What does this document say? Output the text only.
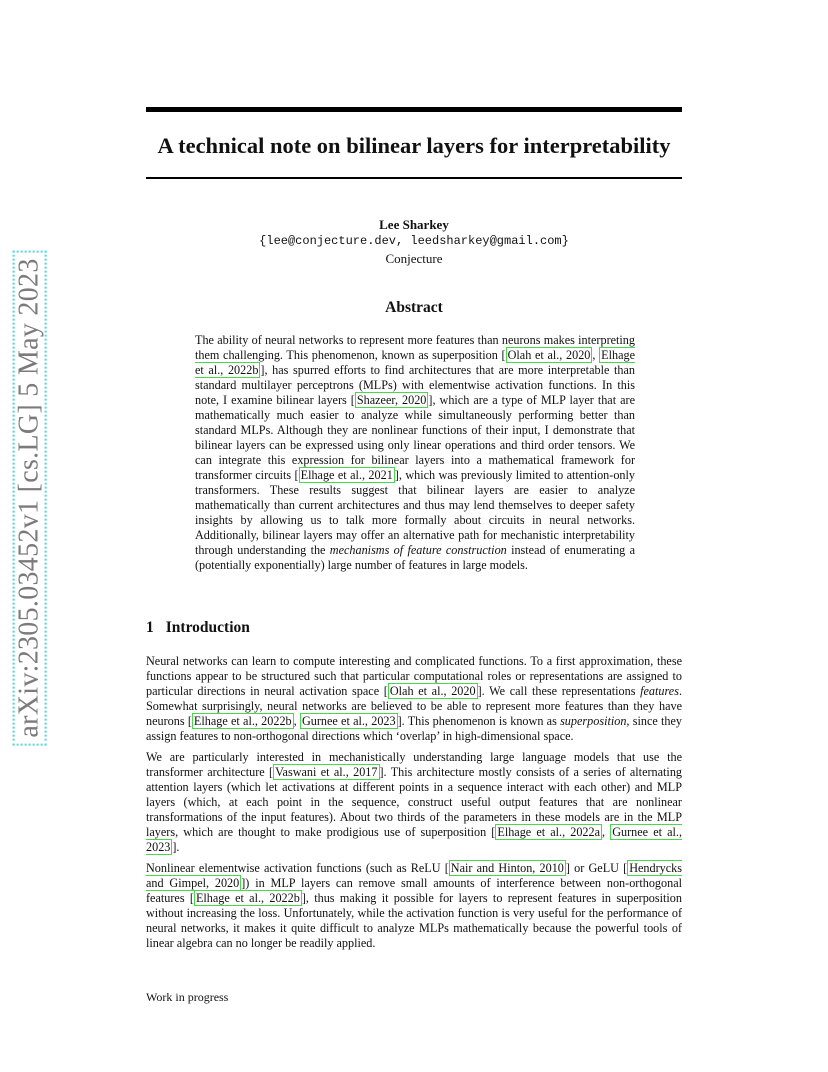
arXiv:2305.03452v1 [cs.LG] 5 May 2023
A technical note on bilinear layers for interpretability
Lee Sharkey
{lee@conjecture.dev, leedsharkey@gmail.com}
Conjecture
Abstract

The ability of neural networks to represent more features than neurons makes interpreting them challenging. This phenomenon, known as superposition [ Olah et al., 2020 , Elhage et al., 2022b ], has spurred efforts to find architectures that are more interpretable than standard multilayer perceptrons (MLPs) with elementwise activation functions. In this note, I examine bilinear layers [ Shazeer, 2020 ], which are a type of MLP layer that are mathematically much easier to analyze while simultaneously performing better than standard MLPs. Although they are nonlinear functions of their input, I demonstrate that bilinear layers can be expressed using only linear operations and third order tensors. We can integrate this expression for bilinear layers into a mathematical framework for transformer circuits [ Elhage et al., 2021 ], which was previously limited to attention-only transformers. These results suggest that bilinear layers are easier to analyze mathematically than current architectures and thus may lend themselves to deeper safety insights by allowing us to talk more formally about circuits in neural networks. Additionally, bilinear layers may offer an alternative path for mechanistic interpretability through understanding the mechanisms of feature construction instead of enumerating a (potentially exponentially) large number of features in large models.

1 Introduction

Neural networks can learn to compute interesting and complicated functions. To a first approximation, these functions appear to be structured such that particular computational roles or representations are assigned to particular directions in neural activation space [ Olah et al., 2020 ]. We call these representations features. Somewhat surprisingly, neural networks are believed to be able to represent more features than they have neurons [ Elhage et al., 2022b , Gurnee et al., 2023 ]. This phenomenon is known as superposition, since they assign features to non-orthogonal directions which ‘overlap’ in high-dimensional space.

We are particularly interested in mechanistically understanding large language models that use the transformer architecture [ Vaswani et al., 2017 ]. This architecture mostly consists of a series of alternating attention layers (which let activations at different points in a sequence interact with each other) and MLP layers (which, at each point in the sequence, construct useful output features that are nonlinear transformations of the input features). About two thirds of the parameters in these models are in the MLP layers, which are thought to make prodigious use of superposition [ Elhage et al., 2022a , Gurnee et al., 2023 ].

Nonlinear elementwise activation functions (such as ReLU [ Nair and Hinton, 2010 ] or GeLU [ Hendrycks and Gimpel, 2020 ]) in MLP layers can remove small amounts of interference between non-orthogonal features [ Elhage et al., 2022b ], thus making it possible for layers to represent features in superposition without increasing the loss. Unfortunately, while the activation function is very useful for the performance of neural networks, it makes it quite difficult to analyze MLPs mathematically because the powerful tools of linear algebra can no longer be readily applied.

Work in progress
